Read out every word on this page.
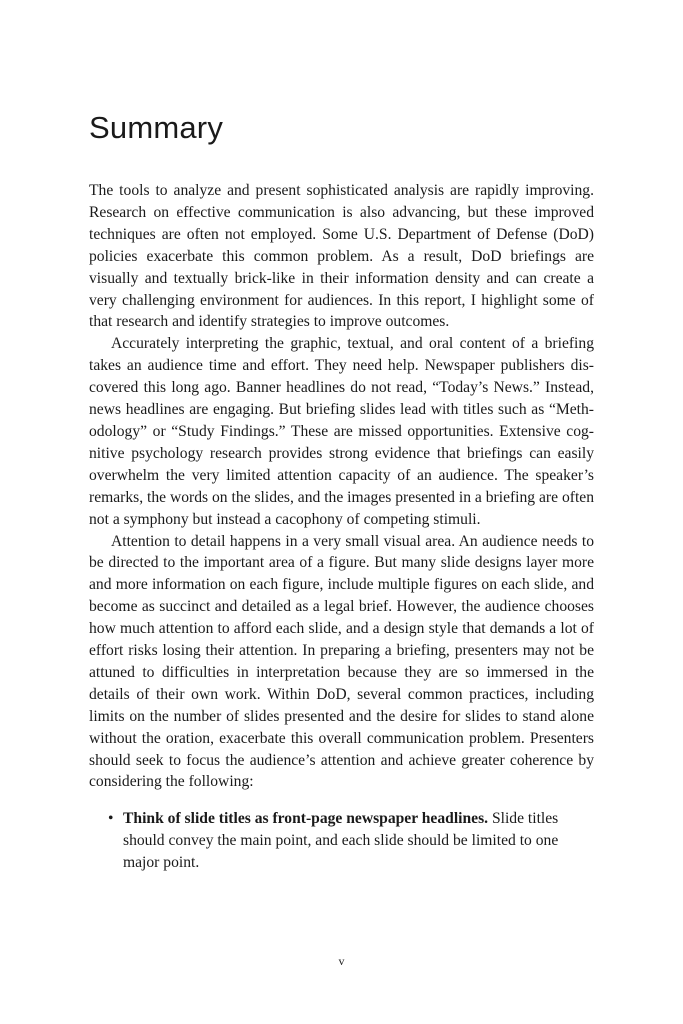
Summary

The tools to analyze and present sophisticated analysis are rapidly improving. Research on effective communication is also advancing, but these improved techniques are often not employed. Some U.S. Department of Defense (DoD) policies exacerbate this common problem. As a result, DoD briefings are visually and textually brick-like in their information density and can create a very challenging environment for audiences. In this report, I highlight some of that research and identify strategies to improve outcomes.

Accurately interpreting the graphic, textual, and oral content of a briefing takes an audience time and effort. They need help. Newspaper publishers discovered this long ago. Banner headlines do not read, “Today’s News.” Instead, news headlines are engaging. But briefing slides lead with titles such as “Methodology” or “Study Findings.” These are missed opportunities. Extensive cognitive psychology research provides strong evidence that briefings can easily overwhelm the very limited attention capacity of an audience. The speaker’s remarks, the words on the slides, and the images presented in a briefing are often not a symphony but instead a cacophony of competing stimuli.

Attention to detail happens in a very small visual area. An audience needs to be directed to the important area of a figure. But many slide designs layer more and more information on each figure, include multiple figures on each slide, and become as succinct and detailed as a legal brief. However, the audience chooses how much attention to afford each slide, and a design style that demands a lot of effort risks losing their attention. In preparing a briefing, presenters may not be attuned to difficulties in interpretation because they are so immersed in the details of their own work. Within DoD, several common practices, including limits on the number of slides presented and the desire for slides to stand alone without the oration, exacerbate this overall communication problem. Presenters should seek to focus the audience’s attention and achieve greater coherence by considering the following:

• Think of slide titles as front-page newspaper headlines. Slide titles should convey the main point, and each slide should be limited to one major point.
v
